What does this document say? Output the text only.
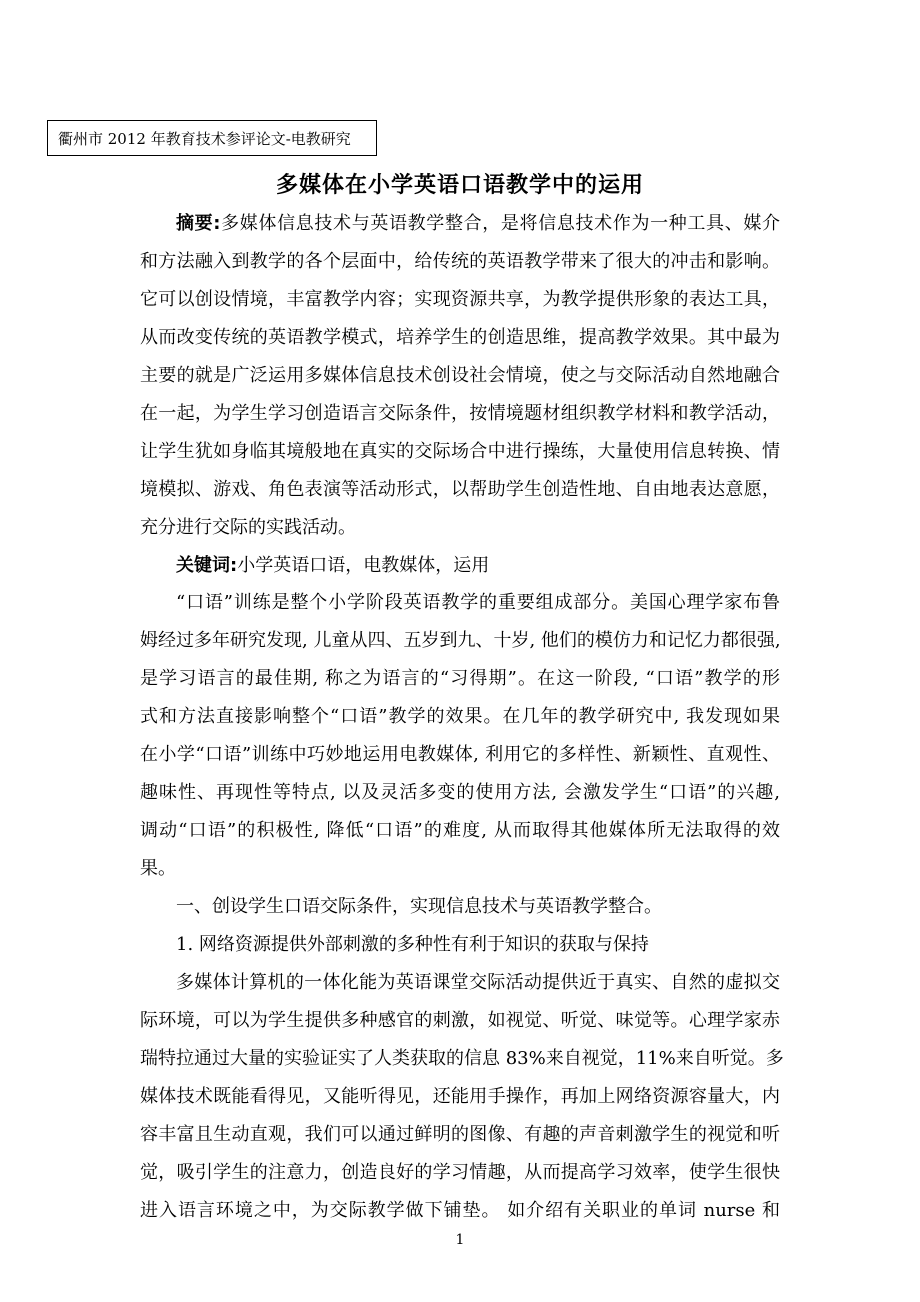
衢州市 2012 年教育技术参评论文-电教研究
多媒体在小学英语口语教学中的运用
摘要:多媒体信息技术与英语教学整合，是将信息技术作为一种工具、媒介
和方法融入到教学的各个层面中，给传统的英语教学带来了很大的冲击和影响。
它可以创设情境，丰富教学内容；实现资源共享，为教学提供形象的表达工具，
从而改变传统的英语教学模式，培养学生的创造思维，提高教学效果。其中最为
主要的就是广泛运用多媒体信息技术创设社会情境，使之与交际活动自然地融合
在一起，为学生学习创造语言交际条件，按情境题材组织教学材料和教学活动，
让学生犹如身临其境般地在真实的交际场合中进行操练，大量使用信息转换、情
境模拟、游戏、角色表演等活动形式，以帮助学生创造性地、自由地表达意愿，
充分进行交际的实践活动。
关键词:小学英语口语，电教媒体，运用
“口语”训练是整个小学阶段英语教学的重要组成部分。美国心理学家布鲁
姆经过多年研究发现, 儿童从四、五岁到九、十岁, 他们的模仿力和记忆力都很强,
是学习语言的最佳期, 称之为语言的“习得期”。在这一阶段, “口语”教学的形
式和方法直接影响整个“口语”教学的效果。在几年的教学研究中, 我发现如果
在小学“口语”训练中巧妙地运用电教媒体, 利用它的多样性、新颖性、直观性、
趣味性、再现性等特点, 以及灵活多变的使用方法, 会激发学生“口语”的兴趣,
调动“口语”的积极性, 降低“口语”的难度, 从而取得其他媒体所无法取得的效
果。
一、创设学生口语交际条件，实现信息技术与英语教学整合。
1. 网络资源提供外部刺激的多种性有利于知识的获取与保持
多媒体计算机的一体化能为英语课堂交际活动提供近于真实、自然的虚拟交
际环境，可以为学生提供多种感官的刺激，如视觉、听觉、味觉等。心理学家赤
瑞特拉通过大量的实验证实了人类获取的信息 83%来自视觉，11%来自听觉。多
媒体技术既能看得见，又能听得见，还能用手操作，再加上网络资源容量大，内
容丰富且生动直观，我们可以通过鲜明的图像、有趣的声音刺激学生的视觉和听
觉，吸引学生的注意力，创造良好的学习情趣，从而提高学习效率，使学生很快
进入语言环境之中，为交际教学做下铺垫。 如介绍有关职业的单词 nurse 和
1
